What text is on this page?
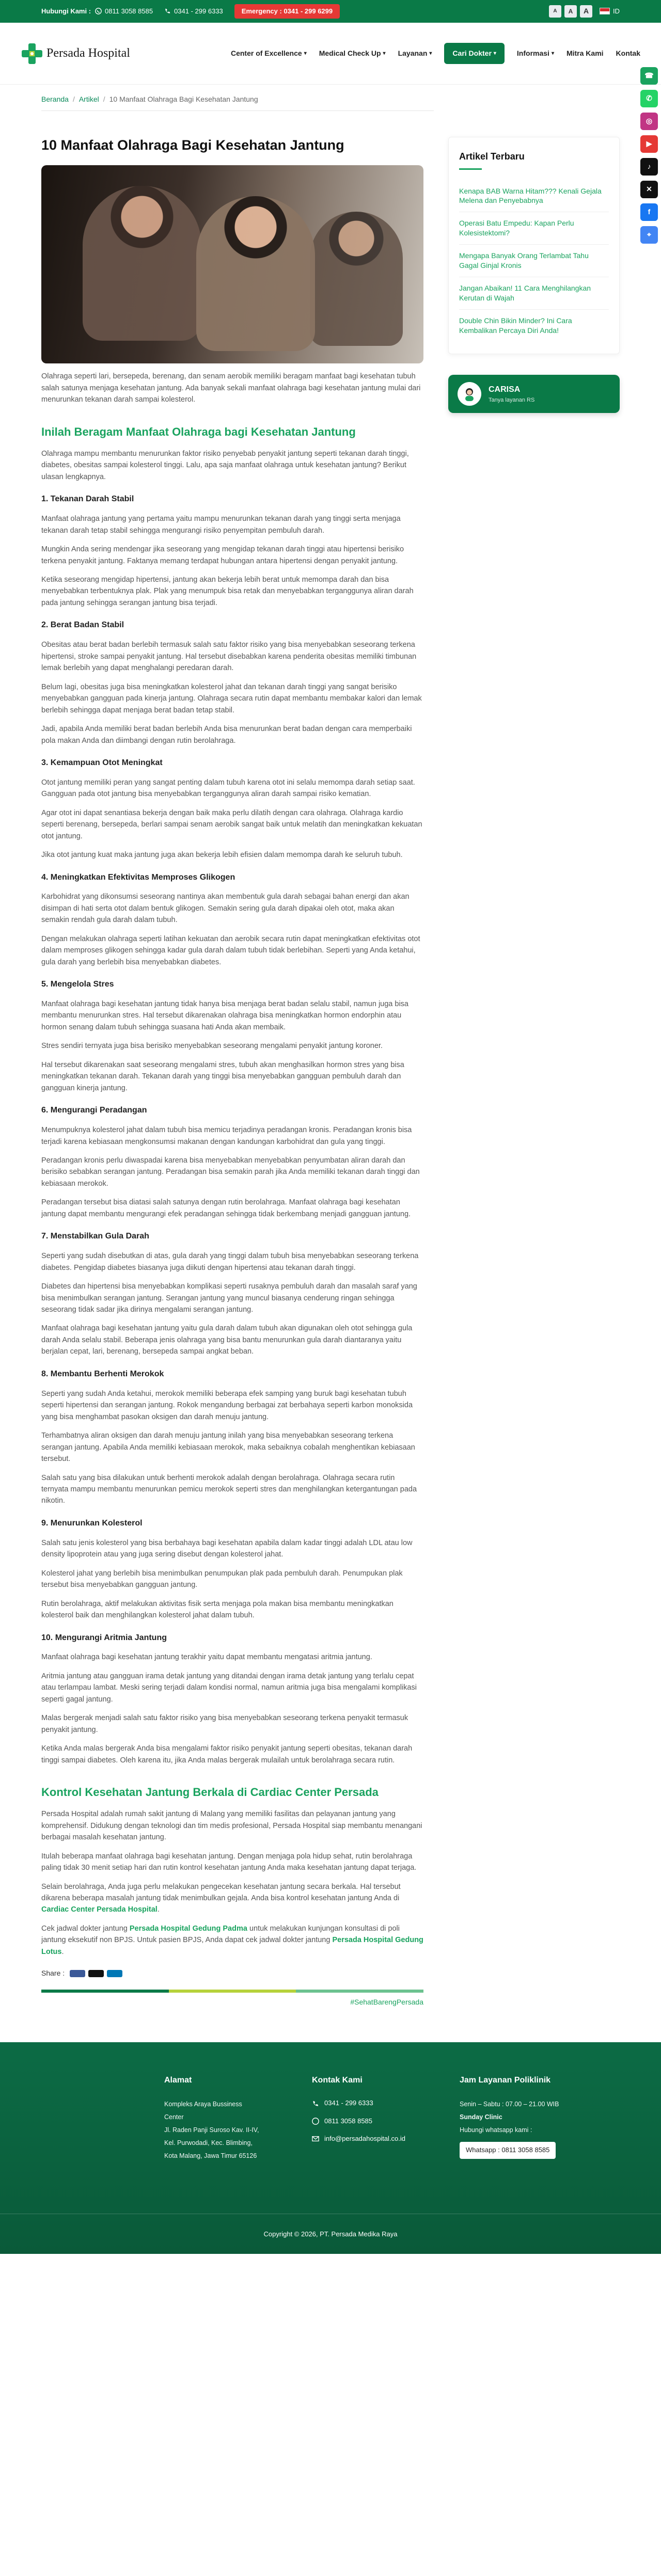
Hubungi Kami : 0811 3058 8585	0341 - 299 6333	Emergency : 0341 - 299 6299	A	A	A	ID
Persada Hospital	Center of Excellence ▾ Medical Check Up ▾ Layanan ▾	Cari Dokter ▾	Informasi ▾ Mitra Kami Kontak
☎
✆
◎
▶
♪
✕
f
⌖
Beranda / Artikel / 10 Manfaat Olahraga Bagi Kesehatan Jantung
10 Manfaat Olahraga Bagi Kesehatan Jantung

Olahraga seperti lari, bersepeda, berenang, dan senam aerobik memiliki beragam manfaat bagi kesehatan tubuh salah satunya menjaga kesehatan jantung. Ada banyak sekali manfaat olahraga bagi kesehatan jantung mulai dari menurunkan tekanan darah sampai kolesterol.

Inilah Beragam Manfaat Olahraga bagi Kesehatan Jantung

Olahraga mampu membantu menurunkan faktor risiko penyebab penyakit jantung seperti tekanan darah tinggi, diabetes, obesitas sampai kolesterol tinggi. Lalu, apa saja manfaat olahraga untuk kesehatan jantung? Berikut ulasan lengkapnya.

1. Tekanan Darah Stabil

Manfaat olahraga jantung yang pertama yaitu mampu menurunkan tekanan darah yang tinggi serta menjaga tekanan darah tetap stabil sehingga mengurangi risiko penyempitan pembuluh darah.

Mungkin Anda sering mendengar jika seseorang yang mengidap tekanan darah tinggi atau hipertensi berisiko terkena penyakit jantung. Faktanya memang terdapat hubungan antara hipertensi dengan penyakit jantung.

Ketika seseorang mengidap hipertensi, jantung akan bekerja lebih berat untuk memompa darah dan bisa menyebabkan terbentuknya plak. Plak yang menumpuk bisa retak dan menyebabkan terganggunya aliran darah pada jantung sehingga serangan jantung bisa terjadi.

2. Berat Badan Stabil

Obesitas atau berat badan berlebih termasuk salah satu faktor risiko yang bisa menyebabkan seseorang terkena hipertensi, stroke sampai penyakit jantung. Hal tersebut disebabkan karena penderita obesitas memiliki timbunan lemak berlebih yang dapat menghalangi peredaran darah.

Belum lagi, obesitas juga bisa meningkatkan kolesterol jahat dan tekanan darah tinggi yang sangat berisiko menyebabkan gangguan pada kinerja jantung. Olahraga secara rutin dapat membantu membakar kalori dan lemak berlebih sehingga dapat menjaga berat badan tetap stabil.

Jadi, apabila Anda memiliki berat badan berlebih Anda bisa menurunkan berat badan dengan cara memperbaiki pola makan Anda dan diimbangi dengan rutin berolahraga.

3. Kemampuan Otot Meningkat

Otot jantung memiliki peran yang sangat penting dalam tubuh karena otot ini selalu memompa darah setiap saat. Gangguan pada otot jantung bisa menyebabkan terganggunya aliran darah sampai risiko kematian.

Agar otot ini dapat senantiasa bekerja dengan baik maka perlu dilatih dengan cara olahraga. Olahraga kardio seperti berenang, bersepeda, berlari sampai senam aerobik sangat baik untuk melatih dan meningkatkan kekuatan otot jantung.

Jika otot jantung kuat maka jantung juga akan bekerja lebih efisien dalam memompa darah ke seluruh tubuh.

4. Meningkatkan Efektivitas Memproses Glikogen

Karbohidrat yang dikonsumsi seseorang nantinya akan membentuk gula darah sebagai bahan energi dan akan disimpan di hati serta otot dalam bentuk glikogen. Semakin sering gula darah dipakai oleh otot, maka akan semakin rendah gula darah dalam tubuh.

Dengan melakukan olahraga seperti latihan kekuatan dan aerobik secara rutin dapat meningkatkan efektivitas otot dalam memproses glikogen sehingga kadar gula darah dalam tubuh tidak berlebihan. Seperti yang Anda ketahui, gula darah yang berlebih bisa menyebabkan diabetes.

5. Mengelola Stres

Manfaat olahraga bagi kesehatan jantung tidak hanya bisa menjaga berat badan selalu stabil, namun juga bisa membantu menurunkan stres. Hal tersebut dikarenakan olahraga bisa meningkatkan hormon endorphin atau hormon senang dalam tubuh sehingga suasana hati Anda akan membaik.

Stres sendiri ternyata juga bisa berisiko menyebabkan seseorang mengalami penyakit jantung koroner.

Hal tersebut dikarenakan saat seseorang mengalami stres, tubuh akan menghasilkan hormon stres yang bisa meningkatkan tekanan darah. Tekanan darah yang tinggi bisa menyebabkan gangguan pembuluh darah dan gangguan kinerja jantung.

6. Mengurangi Peradangan

Menumpuknya kolesterol jahat dalam tubuh bisa memicu terjadinya peradangan kronis. Peradangan kronis bisa terjadi karena kebiasaan mengkonsumsi makanan dengan kandungan karbohidrat dan gula yang tinggi.

Peradangan kronis perlu diwaspadai karena bisa menyebabkan menyebabkan penyumbatan aliran darah dan berisiko sebabkan serangan jantung. Peradangan bisa semakin parah jika Anda memiliki tekanan darah tinggi dan kebiasaan merokok.

Peradangan tersebut bisa diatasi salah satunya dengan rutin berolahraga. Manfaat olahraga bagi kesehatan jantung dapat membantu mengurangi efek peradangan sehingga tidak berkembang menjadi gangguan jantung.

7. Menstabilkan Gula Darah

Seperti yang sudah disebutkan di atas, gula darah yang tinggi dalam tubuh bisa menyebabkan seseorang terkena diabetes. Pengidap diabetes biasanya juga diikuti dengan hipertensi atau tekanan darah tinggi.

Diabetes dan hipertensi bisa menyebabkan komplikasi seperti rusaknya pembuluh darah dan masalah saraf yang bisa menimbulkan serangan jantung. Serangan jantung yang muncul biasanya cenderung ringan sehingga seseorang tidak sadar jika dirinya mengalami serangan jantung.

Manfaat olahraga bagi kesehatan jantung yaitu gula darah dalam tubuh akan digunakan oleh otot sehingga gula darah Anda selalu stabil. Beberapa jenis olahraga yang bisa bantu menurunkan gula darah diantaranya yaitu berjalan cepat, lari, berenang, bersepeda sampai angkat beban.

8. Membantu Berhenti Merokok

Seperti yang sudah Anda ketahui, merokok memiliki beberapa efek samping yang buruk bagi kesehatan tubuh seperti hipertensi dan serangan jantung. Rokok mengandung berbagai zat berbahaya seperti karbon monoksida yang bisa menghambat pasokan oksigen dan darah menuju jantung.

Terhambatnya aliran oksigen dan darah menuju jantung inilah yang bisa menyebabkan seseorang terkena serangan jantung. Apabila Anda memiliki kebiasaan merokok, maka sebaiknya cobalah menghentikan kebiasaan tersebut.

Salah satu yang bisa dilakukan untuk berhenti merokok adalah dengan berolahraga. Olahraga secara rutin ternyata mampu membantu menurunkan pemicu merokok seperti stres dan menghilangkan ketergantungan pada nikotin.

9. Menurunkan Kolesterol

Salah satu jenis kolesterol yang bisa berbahaya bagi kesehatan apabila dalam kadar tinggi adalah LDL atau low density lipoprotein atau yang juga sering disebut dengan kolesterol jahat.

Kolesterol jahat yang berlebih bisa menimbulkan penumpukan plak pada pembuluh darah. Penumpukan plak tersebut bisa menyebabkan gangguan jantung.

Rutin berolahraga, aktif melakukan aktivitas fisik serta menjaga pola makan bisa membantu meningkatkan kolesterol baik dan menghilangkan kolesterol jahat dalam tubuh.

10. Mengurangi Aritmia Jantung

Manfaat olahraga bagi kesehatan jantung terakhir yaitu dapat membantu mengatasi aritmia jantung.

Aritmia jantung atau gangguan irama detak jantung yang ditandai dengan irama detak jantung yang terlalu cepat atau terlampau lambat. Meski sering terjadi dalam kondisi normal, namun aritmia juga bisa mengalami komplikasi seperti gagal jantung.

Malas bergerak menjadi salah satu faktor risiko yang bisa menyebabkan seseorang terkena penyakit termasuk penyakit jantung.

Ketika Anda malas bergerak Anda bisa mengalami faktor risiko penyakit jantung seperti obesitas, tekanan darah tinggi sampai diabetes. Oleh karena itu, jika Anda malas bergerak mulailah untuk berolahraga secara rutin.

Kontrol Kesehatan Jantung Berkala di Cardiac Center Persada

Persada Hospital adalah rumah sakit jantung di Malang yang memiliki fasilitas dan pelayanan jantung yang komprehensif. Didukung dengan teknologi dan tim medis profesional, Persada Hospital siap membantu menangani berbagai masalah kesehatan jantung.

Itulah beberapa manfaat olahraga bagi kesehatan jantung. Dengan menjaga pola hidup sehat, rutin berolahraga paling tidak 30 menit setiap hari dan rutin kontrol kesehatan jantung Anda maka kesehatan jantung dapat terjaga.

Selain berolahraga, Anda juga perlu melakukan pengecekan kesehatan jantung secara berkala. Hal tersebut dikarena beberapa masalah jantung tidak menimbulkan gejala. Anda bisa kontrol kesehatan jantung Anda di Cardiac Center Persada Hospital.

Cek jadwal dokter jantung Persada Hospital Gedung Padma untuk melakukan kunjungan konsultasi di poli jantung eksekutif non BPJS. Untuk pasien BPJS, Anda dapat cek jadwal dokter jantung Persada Hospital Gedung Lotus.

Share :
#SehatBarengPersada
Artikel Terbaru
Kenapa BAB Warna Hitam??? Kenali Gejala Melena dan Penyebabnya
Operasi Batu Empedu: Kapan Perlu Kolesistektomi?
Mengapa Banyak Orang Terlambat Tahu Gagal Ginjal Kronis
Jangan Abaikan! 11 Cara Menghilangkan Kerutan di Wajah
Double Chin Bikin Minder? Ini Cara Kembalikan Percaya Diri Anda!
CARISA
Tanya layanan RS
Alamat
Kompleks Araya Bussiness
Center
Jl. Raden Panji Suroso Kav. II-IV,
Kel. Purwodadi, Kec. Blimbing,
Kota Malang, Jawa Timur 65126
Kontak Kami
0341 - 299 6333
0811 3058 8585
info@persadahospital.co.id
Jam Layanan Poliklinik
Senin – Sabtu : 07.00 – 21.00 WIB
Sunday Clinic
Hubungi whatsapp kami :
Whatsapp : 0811 3058 8585
Copyright © 2026, PT. Persada Medika Raya
